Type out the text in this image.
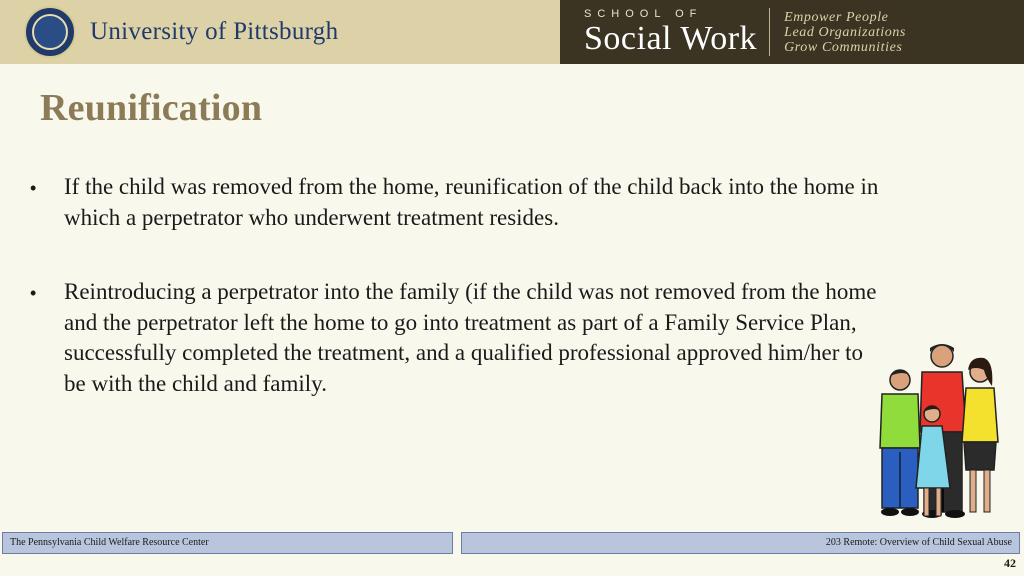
University of Pittsburgh
SCHOOL OF
Social Work
Empower People
Lead Organizations
Grow Communities
Reunification
•	If the child was removed from the home, reunification of the child back into the home in which a perpetrator who underwent treatment resides.
•	Reintroducing a perpetrator into the family (if the child was not removed from the home and the perpetrator left the home to go into treatment as part of a Family Service Plan, successfully completed the treatment, and a qualified professional approved him/her to be with the child and family.
The Pennsylvania Child Welfare Resource Center	203 Remote: Overview of Child Sexual Abuse
42
